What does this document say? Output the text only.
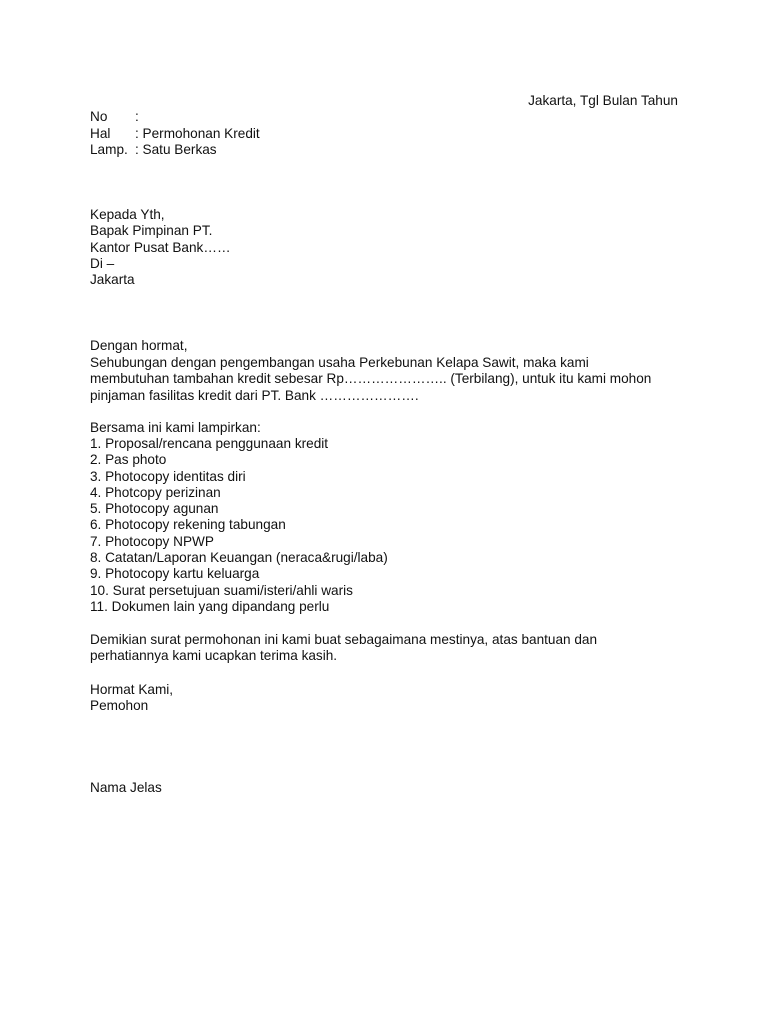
Jakarta, Tgl Bulan Tahun
No :
Hal : Permohonan Kredit
Lamp. : Satu Berkas
Kepada Yth,
Bapak Pimpinan PT.
Kantor Pusat Bank……
Di –
Jakarta
Dengan hormat,
Sehubungan dengan pengembangan usaha Perkebunan Kelapa Sawit, maka kami
membutuhan tambahan kredit sebesar Rp………………….. (Terbilang), untuk itu kami mohon
pinjaman fasilitas kredit dari PT. Bank ………………….
Bersama ini kami lampirkan:
1. Proposal/rencana penggunaan kredit
2. Pas photo
3. Photocopy identitas diri
4. Photcopy perizinan
5. Photocopy agunan
6. Photocopy rekening tabungan
7. Photocopy NPWP
8. Catatan/Laporan Keuangan (neraca&rugi/laba)
9. Photocopy kartu keluarga
10. Surat persetujuan suami/isteri/ahli waris
11. Dokumen lain yang dipandang perlu
Demikian surat permohonan ini kami buat sebagaimana mestinya, atas bantuan dan
perhatiannya kami ucapkan terima kasih.
Hormat Kami,
Pemohon
Nama Jelas
